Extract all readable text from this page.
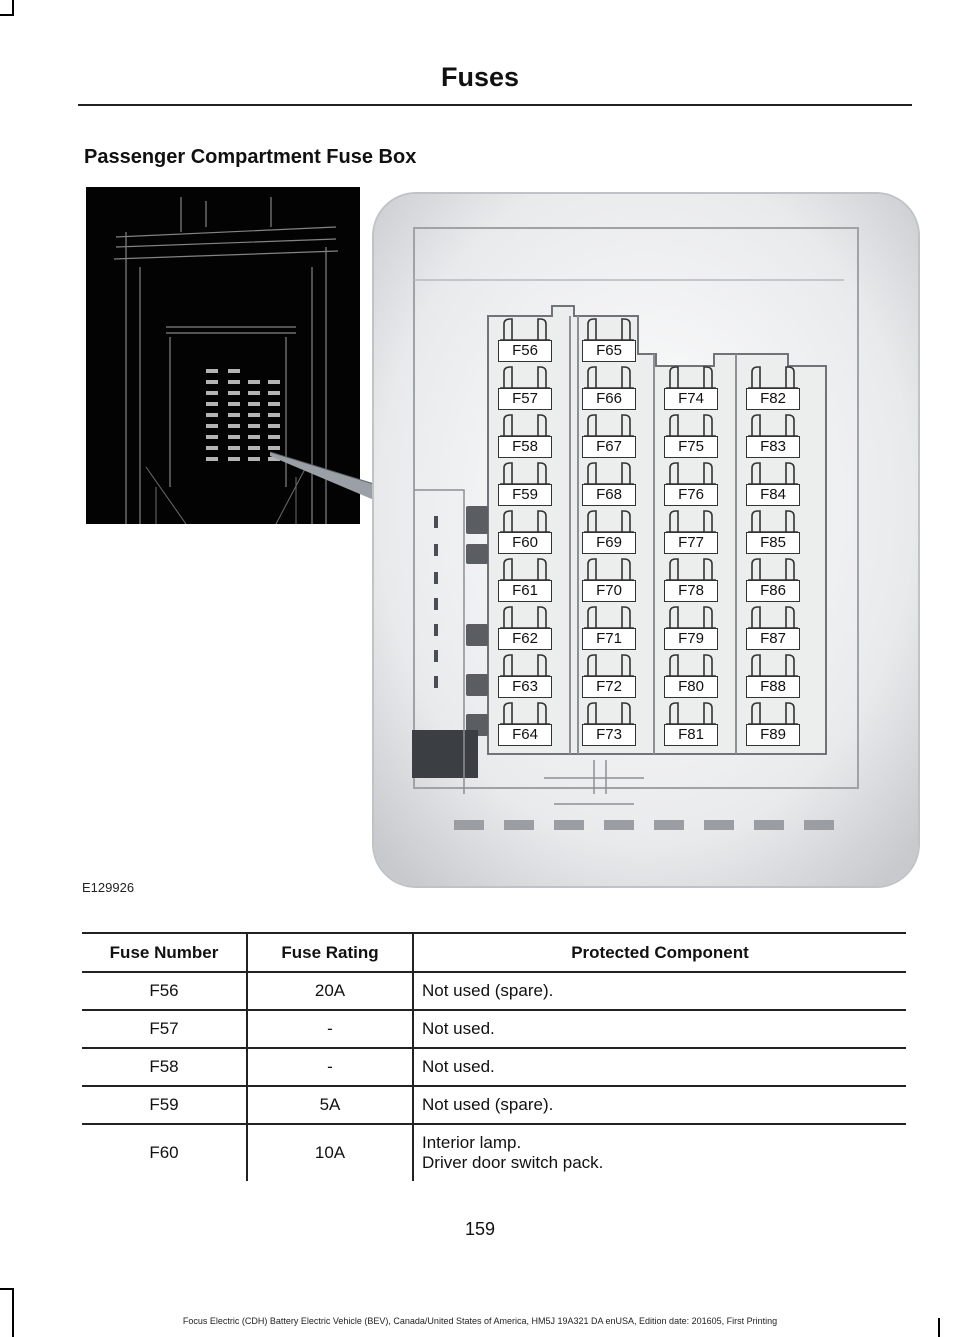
Fuses
Passenger Compartment Fuse Box
F56
F57
F58
F59
F60
F61
F62
F63
F64
F65
F66
F67
F68
F69
F70
F71
F72
F73
F74
F75
F76
F77
F78
F79
F80
F81
F82
F83
F84
F85
F86
F87
F88
F89
E129926
Fuse Number	Fuse Rating	Protected Component
F56	20A	Not used (spare).
F57	-	Not used.
F58	-	Not used.
F59	5A	Not used (spare).
F60	10A	Interior lamp.
Driver door switch pack.
159
Focus Electric (CDH) Battery Electric Vehicle (BEV), Canada/United States of America, HM5J 19A321 DA enUSA, Edition date: 201605, First Printing
